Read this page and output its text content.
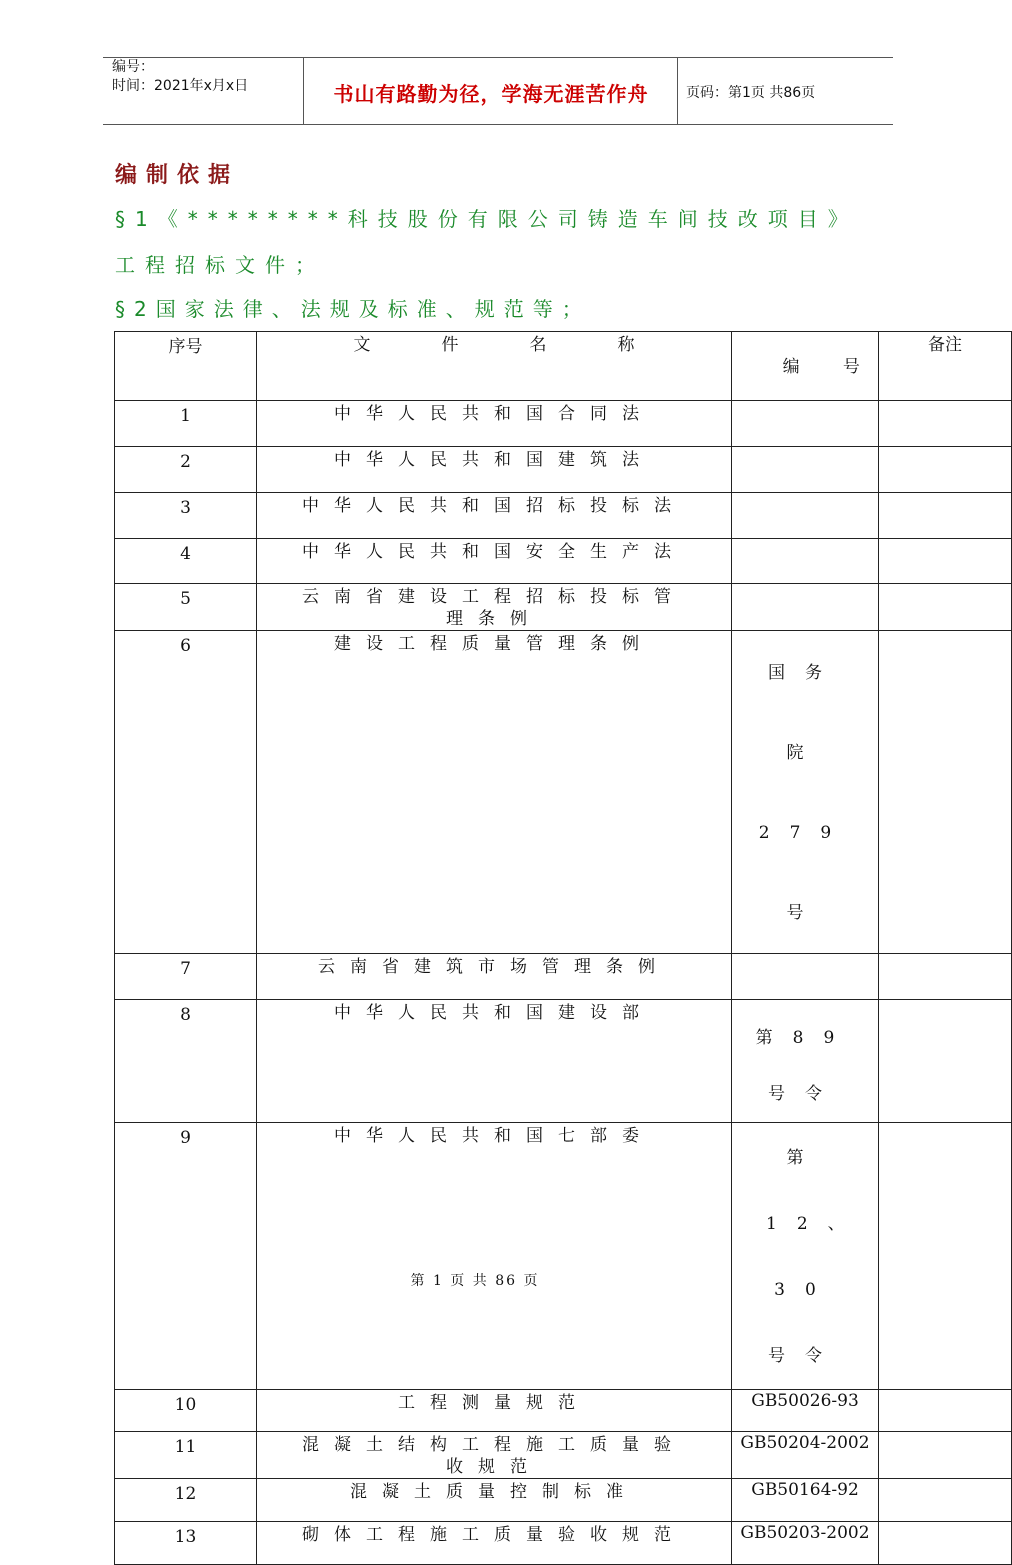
编号：
时间：2021年x月x日	书山有路勤为径，学海无涯苦作舟	页码：第1页 共86页
编制依据
§1《********科技股份有限公司铸造车间技改项目》工程招标文件；
§2国家法律、法规及标准、规范等；
序号	文 件 名 称	编        号	备注
1	中华人民共和国合同法		
2	中华人民共和国建筑法		
3	中华人民共和国招标投标法		
4	中华人民共和国安全生产法		
5	云南省建设工程招标投标管理条例		
6	建设工程质量管理条例	国务院 279号	
7	云南省建筑市场管理条例		
8	中华人民共和国建设部	第89号令	
9	中华人民共和国七部委	第12、30号令	
10	工程测量规范	GB50026-93	
11	混凝土结构工程施工质量验收规范	GB50204-2002	
12	混凝土质量控制标准	GB50164-92	
13	砌体工程施工质量验收规范	GB50203-2002	
第 1 页 共 86 页
